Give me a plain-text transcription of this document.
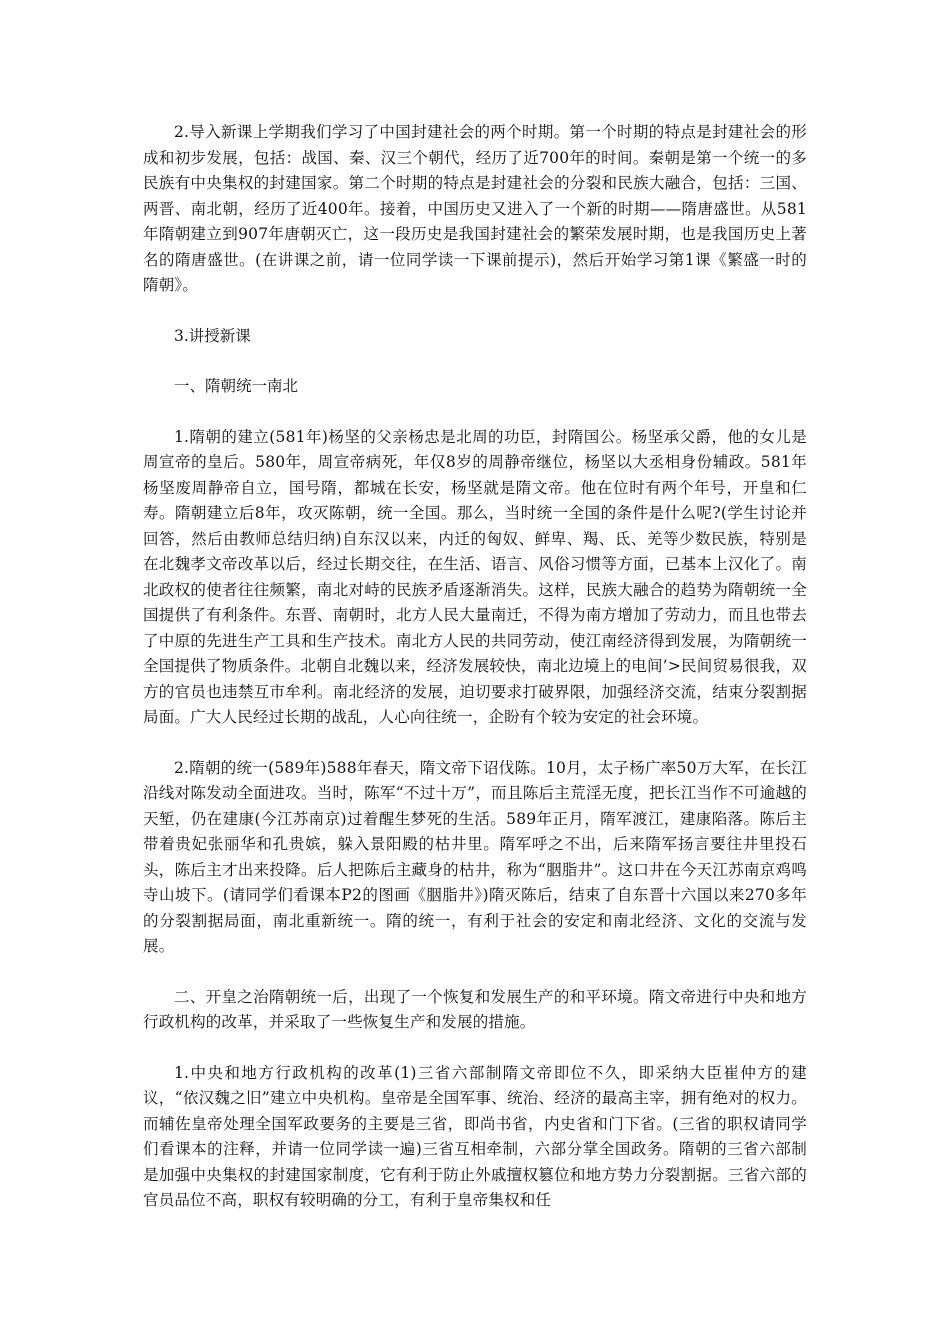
2.导入新课上学期我们学习了中国封建社会的两个时期。第一个时期的特点是封建社会的形成和初步发展，包括：战国、秦、汉三个朝代，经历了近700年的时间。秦朝是第一个统一的多民族有中央集权的封建国家。第二个时期的特点是封建社会的分裂和民族大融合，包括：三国、两晋、南北朝，经历了近400年。接着，中国历史又进入了一个新的时期——隋唐盛世。从581年隋朝建立到907年唐朝灭亡，这一段历史是我国封建社会的繁荣发展时期，也是我国历史上著名的隋唐盛世。(在讲课之前，请一位同学读一下课前提示)，然后开始学习第1课《繁盛一时的隋朝》。

3.讲授新课

一、隋朝统一南北

1.隋朝的建立(581年)杨坚的父亲杨忠是北周的功臣，封隋国公。杨坚承父爵，他的女儿是周宣帝的皇后。580年，周宣帝病死，年仅8岁的周静帝继位，杨坚以大丞相身份辅政。581年杨坚废周静帝自立，国号隋，都城在长安，杨坚就是隋文帝。他在位时有两个年号，开皇和仁寿。隋朝建立后8年，攻灭陈朝，统一全国。那么，当时统一全国的条件是什么呢?(学生讨论并回答，然后由教师总结归纳)自东汉以来，内迁的匈奴、鲜卑、羯、氐、羌等少数民族，特别是在北魏孝文帝改革以后，经过长期交往，在生活、语言、风俗习惯等方面，已基本上汉化了。南北政权的使者往往频繁，南北对峙的民族矛盾逐渐消失。这样，民族大融合的趋势为隋朝统一全国提供了有利条件。东晋、南朝时，北方人民大量南迁，不得为南方增加了劳动力，而且也带去了中原的先进生产工具和生产技术。南北方人民的共同劳动，使江南经济得到发展，为隋朝统一全国提供了物质条件。北朝自北魏以来，经济发展较快，南北边境上的电间’>民间贸易很我，双方的官员也违禁互市牟利。南北经济的发展，迫切要求打破界限，加强经济交流，结束分裂割据局面。广大人民经过长期的战乱，人心向往统一，企盼有个较为安定的社会环境。

2.隋朝的统一(589年)588年春天，隋文帝下诏伐陈。10月，太子杨广率50万大军，在长江沿线对陈发动全面进攻。当时，陈军“不过十万”，而且陈后主荒淫无度，把长江当作不可逾越的天堑，仍在建康(今江苏南京)过着醒生梦死的生活。589年正月，隋军渡江，建康陷落。陈后主带着贵妃张丽华和孔贵嫔，躲入景阳殿的枯井里。隋军呼之不出，后来隋军扬言要往井里投石头，陈后主才出来投降。后人把陈后主藏身的枯井，称为“胭脂井”。这口井在今天江苏南京鸡鸣寺山坡下。(请同学们看课本P2的图画《胭脂井》)隋灭陈后，结束了自东晋十六国以来270多年的分裂割据局面，南北重新统一。隋的统一，有利于社会的安定和南北经济、文化的交流与发展。

二、开皇之治隋朝统一后，出现了一个恢复和发展生产的和平环境。隋文帝进行中央和地方行政机构的改革，并采取了一些恢复生产和发展的措施。

1.中央和地方行政机构的改革(1)三省六部制隋文帝即位不久，即采纳大臣崔仲方的建议，“依汉魏之旧”建立中央机构。皇帝是全国军事、统治、经济的最高主宰，拥有绝对的权力。而辅佐皇帝处理全国军政要务的主要是三省，即尚书省，内史省和门下省。(三省的职权请同学们看课本的注释，并请一位同学读一遍)三省互相牵制，六部分掌全国政务。隋朝的三省六部制是加强中央集权的封建国家制度，它有利于防止外戚擅权篡位和地方势力分裂割据。三省六部的官员品位不高，职权有较明确的分工，有利于皇帝集权和任
